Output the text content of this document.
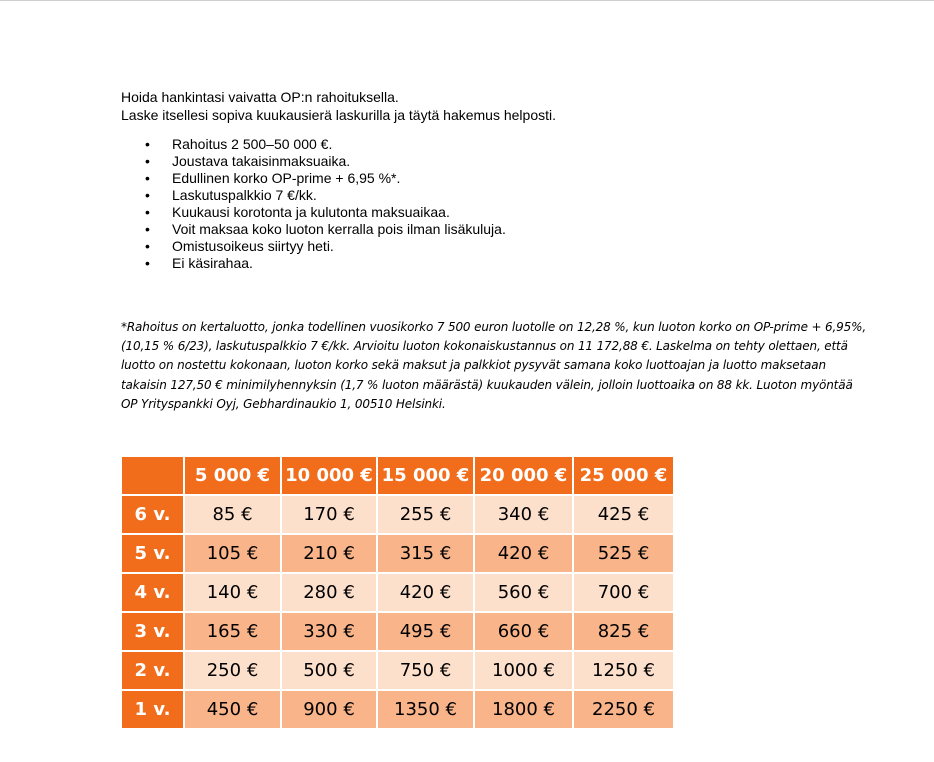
Hoida hankintasi vaivatta OP:n rahoituksella.

Laske itsellesi sopiva kuukausierä laskurilla ja täytä hakemus helposti.

• Rahoitus 2 500–50 000 €.
• Joustava takaisinmaksuaika.
• Edullinen korko OP-prime + 6,95 %*.
• Laskutuspalkkio 7 €/kk.
• Kuukausi korotonta ja kulutonta maksuaikaa.
• Voit maksaa koko luoton kerralla pois ilman lisäkuluja.
• Omistusoikeus siirtyy heti.
• Ei käsirahaa.

*Rahoitus on kertaluotto, jonka todellinen vuosikorko 7 500 euron luotolle on 12,28 %, kun luoton korko on OP-prime + 6,95%,
(10,15 % 6/23), laskutuspalkkio 7 €/kk. Arvioitu luoton kokonaiskustannus on 11 172,88 €. Laskelma on tehty olettaen, että
luotto on nostettu kokonaan, luoton korko sekä maksut ja palkkiot pysyvät samana koko luottoajan ja luotto maksetaan
takaisin 127,50 € minimilyhennyksin (1,7 % luoton määrästä) kuukauden välein, jolloin luottoaika on 88 kk. Luoton myöntää
OP Yrityspankki Oyj, Gebhardinaukio 1, 00510 Helsinki.

	5 000 €	10 000 €	15 000 €	20 000 €	25 000 €
6 v.	85 €	170 €	255 €	340 €	425 €
5 v.	105 €	210 €	315 €	420 €	525 €
4 v.	140 €	280 €	420 €	560 €	700 €
3 v.	165 €	330 €	495 €	660 €	825 €
2 v.	250 €	500 €	750 €	1000 €	1250 €
1 v.	450 €	900 €	1350 €	1800 €	2250 €
